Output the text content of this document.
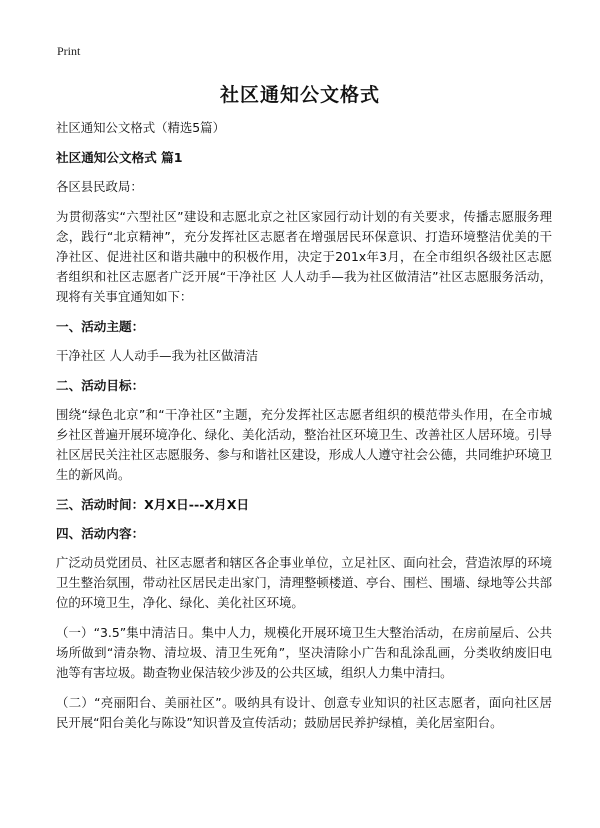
Print
社区通知公文格式

社区通知公文格式（精选5篇）

社区通知公文格式 篇1

各区县民政局：

为贯彻落实“六型社区”建设和志愿北京之社区家园行动计划的有关要求，传播志愿服务理念，践行“北京精神”，充分发挥社区志愿者在增强居民环保意识、打造环境整洁优美的干净社区、促进社区和谐共融中的积极作用，决定于201x年3月，在全市组织各级社区志愿者组织和社区志愿者广泛开展“干净社区 人人动手—我为社区做清洁”社区志愿服务活动，现将有关事宜通知如下：

一、活动主题：

干净社区 人人动手—我为社区做清洁

二、活动目标：

围绕“绿色北京”和“干净社区”主题，充分发挥社区志愿者组织的模范带头作用，在全市城乡社区普遍开展环境净化、绿化、美化活动，整治社区环境卫生、改善社区人居环境。引导社区居民关注社区志愿服务、参与和谐社区建设，形成人人遵守社会公德，共同维护环境卫生的新风尚。

三、活动时间：X月X日---X月X日

四、活动内容：

广泛动员党团员、社区志愿者和辖区各企事业单位，立足社区、面向社会，营造浓厚的环境卫生整治氛围，带动社区居民走出家门，清理整顿楼道、亭台、围栏、围墙、绿地等公共部位的环境卫生，净化、绿化、美化社区环境。

（一）“3.5”集中清洁日。集中人力，规模化开展环境卫生大整治活动，在房前屋后、公共场所做到“清杂物、清垃圾、清卫生死角”，坚决清除小广告和乱涂乱画，分类收纳废旧电池等有害垃圾。勘查物业保洁较少涉及的公共区域，组织人力集中清扫。

（二）“亮丽阳台、美丽社区”。吸纳具有设计、创意专业知识的社区志愿者，面向社区居民开展“阳台美化与陈设”知识普及宣传活动；鼓励居民养护绿植，美化居室阳台。
